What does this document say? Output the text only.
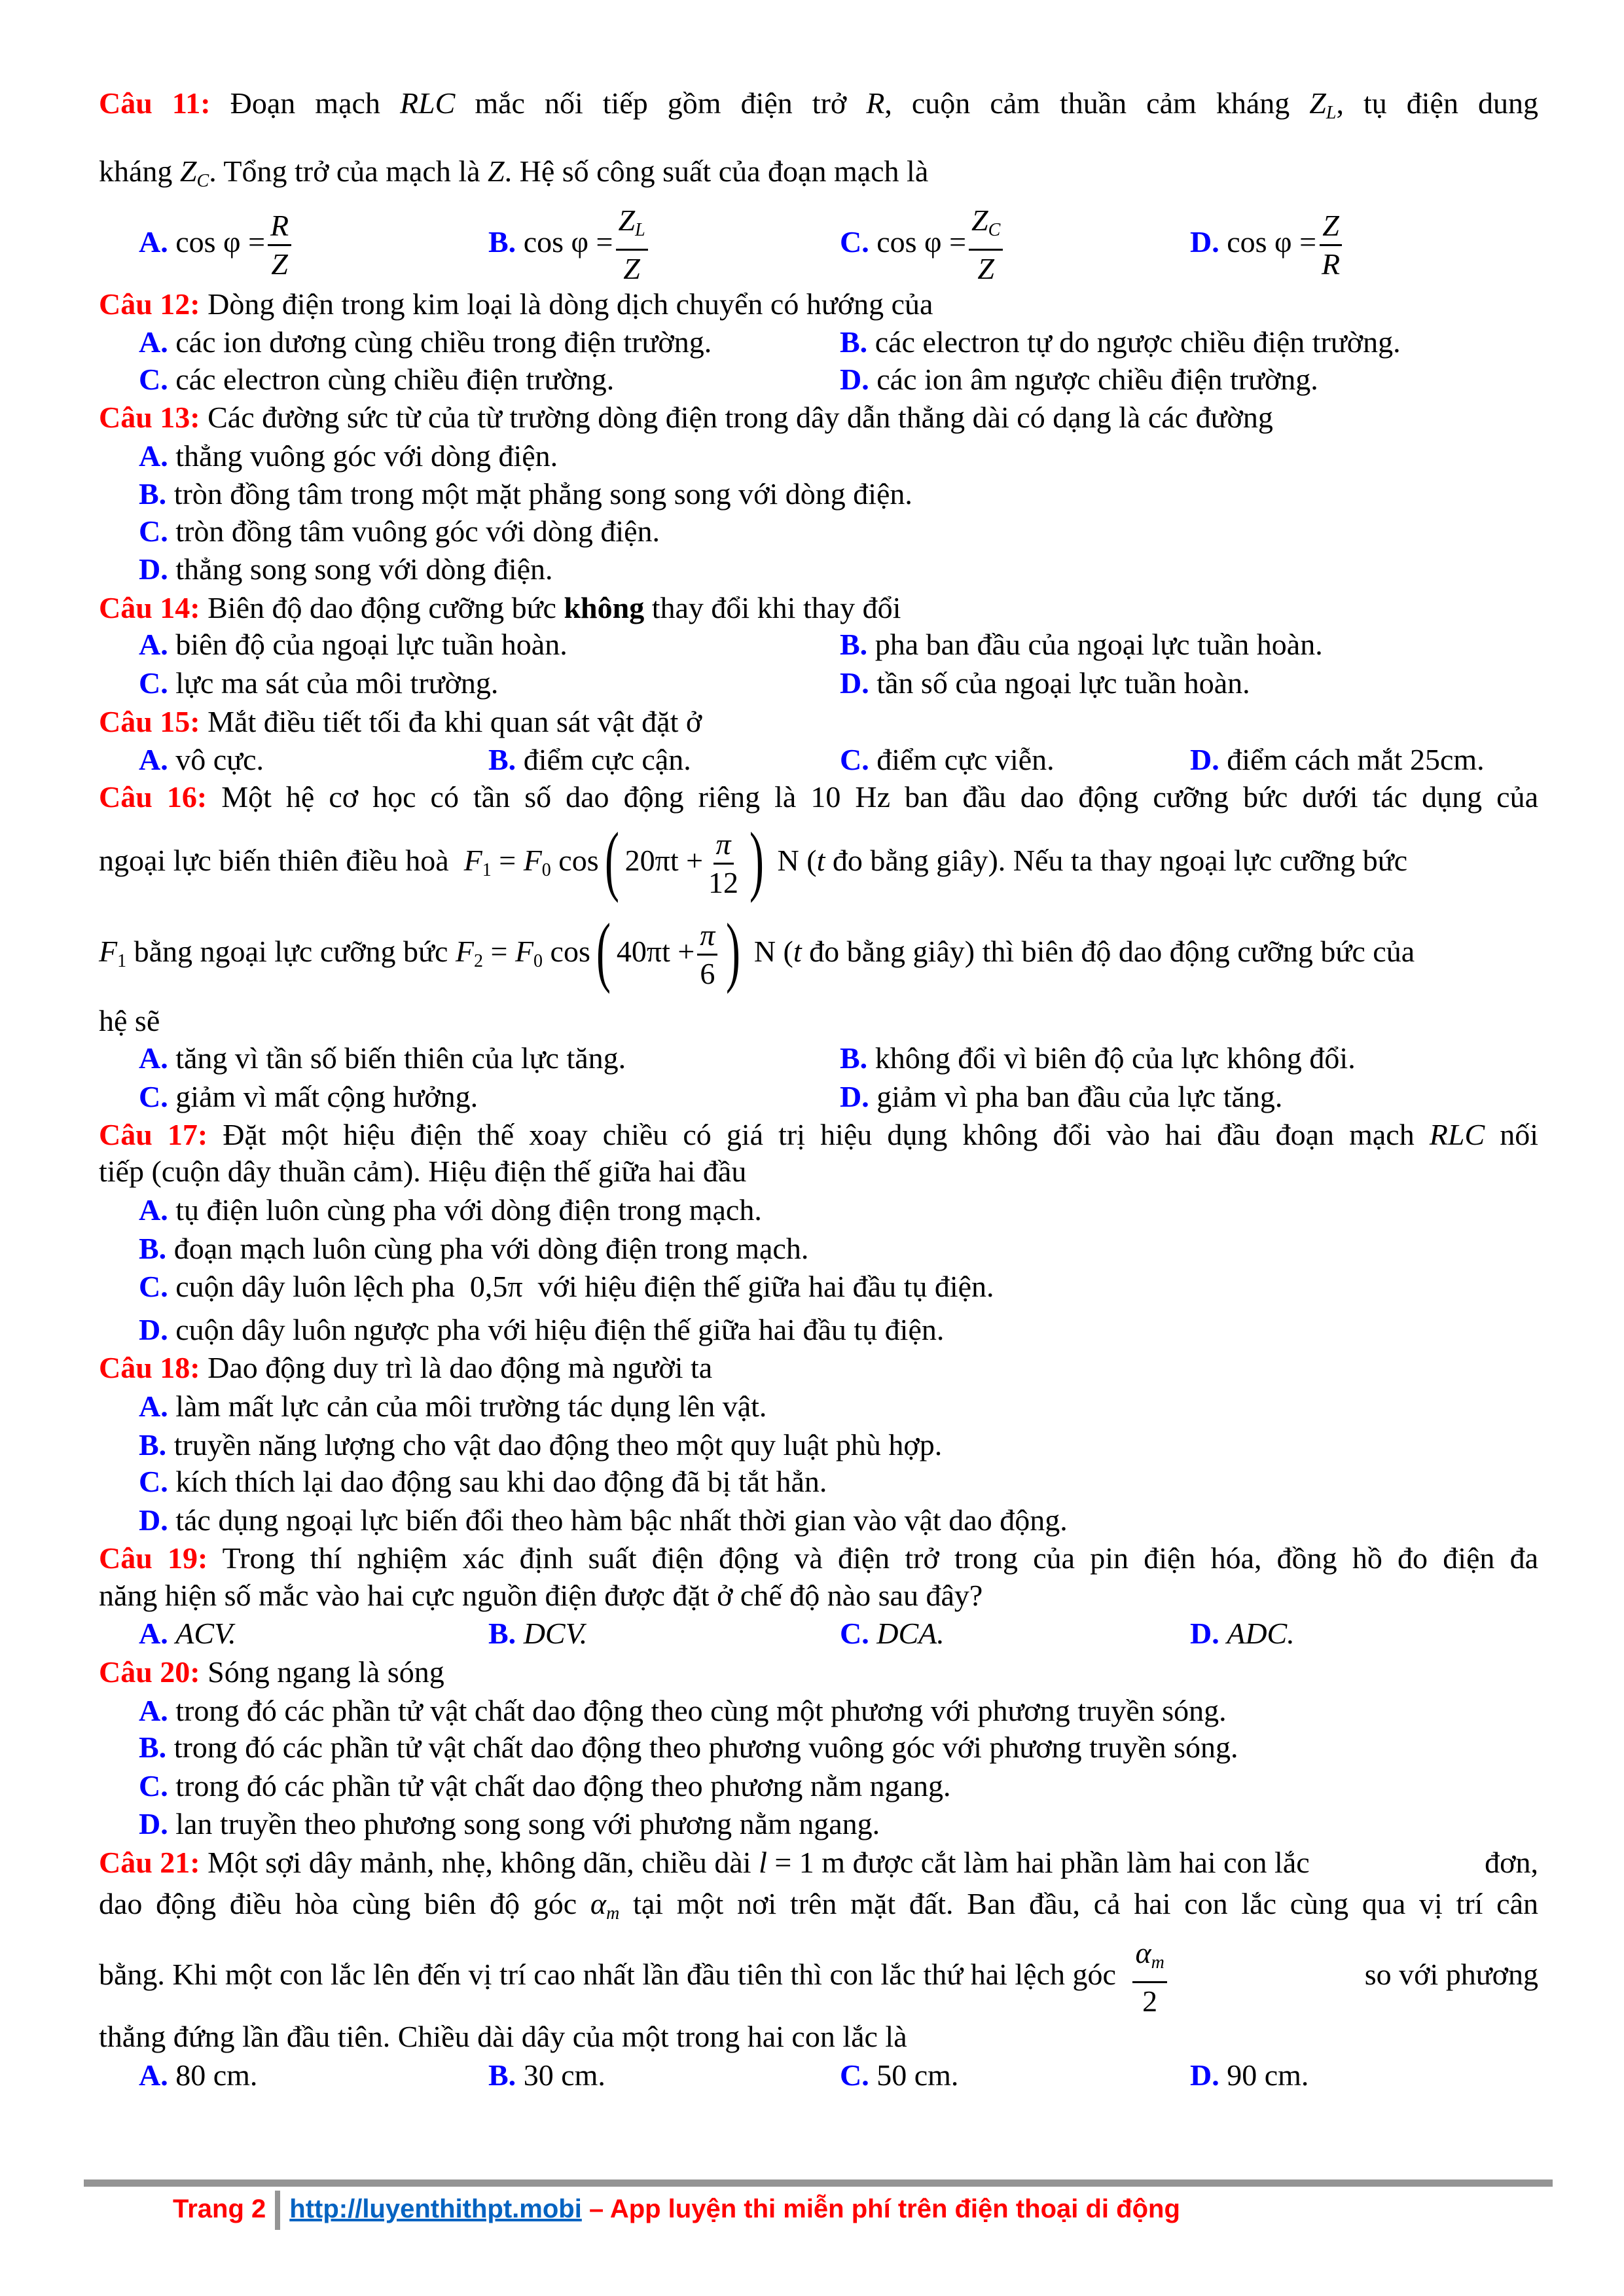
Câu 11: Đoạn mạch RLC mắc nối tiếp gồm điện trở R, cuộn cảm thuần cảm kháng $Z_L$, tụ điện dung
kháng $Z_C$. Tổng trở của mạch là Z. Hệ số công suất của đoạn mạch là
A. $\cos \varphi = \frac{R}{Z}$	B. $\cos \varphi = \frac{Z_L}{Z}$	C. $\cos \varphi = \frac{Z_C}{Z}$	D. $\cos \varphi = \frac{Z}{R}$
Câu 12: Dòng điện trong kim loại là dòng dịch chuyển có hướng của
A. các ion dương cùng chiều trong điện trường.	B. các electron tự do ngược chiều điện trường.
C. các electron cùng chiều điện trường.	D. các ion âm ngược chiều điện trường.
Câu 13: Các đường sức từ của từ trường dòng điện trong dây dẫn thẳng dài có dạng là các đường
A. thẳng vuông góc với dòng điện.
B. tròn đồng tâm trong một mặt phẳng song song với dòng điện.
C. tròn đồng tâm vuông góc với dòng điện.
D. thẳng song song với dòng điện.
Câu 14: Biên độ dao động cưỡng bức không thay đổi khi thay đổi
A. biên độ của ngoại lực tuần hoàn.	B. pha ban đầu của ngoại lực tuần hoàn.
C. lực ma sát của môi trường.	D. tần số của ngoại lực tuần hoàn.
Câu 15: Mắt điều tiết tối đa khi quan sát vật đặt ở
A. vô cực.	B. điểm cực cận.	C. điểm cực viễn.	D. điểm cách mắt 25cm.
Câu 16: Một hệ cơ học có tần số dao động riêng là 10 Hz ban đầu dao động cưỡng bức dưới tác dụng của
ngoại lực biến thiên điều hoà $F_1 = F_0$ cos( $20\pi t + \frac{\pi}{12}$ ) N (t đo bằng giây). Nếu ta thay ngoại lực cưỡng bức
$F_1$ bằng ngoại lực cưỡng bức $F_2 = F_0$ cos( $40\pi t + \frac{\pi}{6}$ ) N (t đo bằng giây) thì biên độ dao động cưỡng bức của
hệ sẽ
A. tăng vì tần số biến thiên của lực tăng.	B. không đổi vì biên độ của lực không đổi.
C. giảm vì mất cộng hưởng.	D. giảm vì pha ban đầu của lực tăng.
Câu 17: Đặt một hiệu điện thế xoay chiều có giá trị hiệu dụng không đổi vào hai đầu đoạn mạch RLC nối
tiếp (cuộn dây thuần cảm). Hiệu điện thế giữa hai đầu
A. tụ điện luôn cùng pha với dòng điện trong mạch.
B. đoạn mạch luôn cùng pha với dòng điện trong mạch.
C. cuộn dây luôn lệch pha  0,5π  với hiệu điện thế giữa hai đầu tụ điện.
D. cuộn dây luôn ngược pha với hiệu điện thế giữa hai đầu tụ điện.
Câu 18: Dao động duy trì là dao động mà người ta
A. làm mất lực cản của môi trường tác dụng lên vật.
B. truyền năng lượng cho vật dao động theo một quy luật phù hợp.
C. kích thích lại dao động sau khi dao động đã bị tắt hẳn.
D. tác dụng ngoại lực biến đổi theo hàm bậc nhất thời gian vào vật dao động.
Câu 19: Trong thí nghiệm xác định suất điện động và điện trở trong của pin điện hóa, đồng hồ đo điện đa
năng hiện số mắc vào hai cực nguồn điện được đặt ở chế độ nào sau đây?
A. ACV.	B. DCV.	C. DCA.	D. ADC.
Câu 20: Sóng ngang là sóng
A. trong đó các phần tử vật chất dao động theo cùng một phương với phương truyền sóng.
B. trong đó các phần tử vật chất dao động theo phương vuông góc với phương truyền sóng.
C. trong đó các phần tử vật chất dao động theo phương nằm ngang.
D. lan truyền theo phương song song với phương nằm ngang.
Câu 21: Một sợi dây mảnh, nhẹ, không dãn, chiều dài l = 1 m được cắt làm hai phần làm hai con lắc	đơn,
dao động điều hòa cùng biên độ góc $\alpha_m$ tại một nơi trên mặt đất. Ban đầu, cả hai con lắc cùng qua vị trí cân
bằng. Khi một con lắc lên đến vị trí cao nhất lần đầu tiên thì con lắc thứ hai lệch góc $\frac{\alpha_m}{2}$	so với phương
thẳng đứng lần đầu tiên. Chiều dài dây của một trong hai con lắc là
A. 80 cm.	B. 30 cm.	C. 50 cm.	D. 90 cm.
Trang 2 http://luyenthithpt.mobi – App luyện thi miễn phí trên điện thoại di động
